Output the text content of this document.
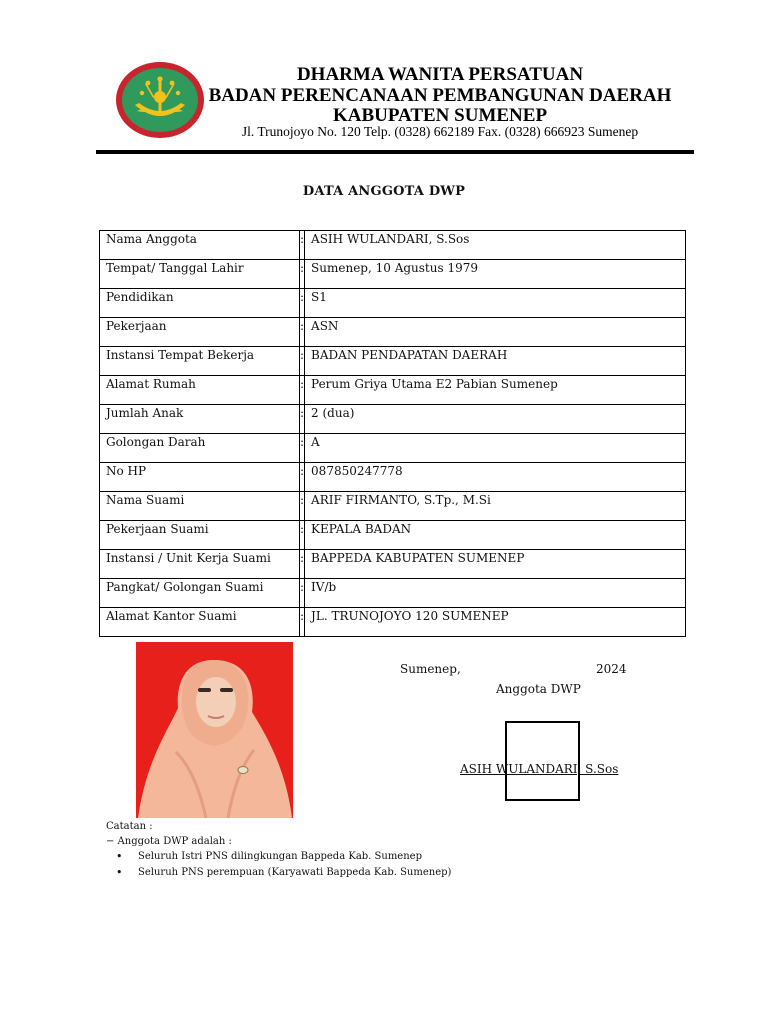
DHARMA WANITA PERSATUAN
BADAN PERENCANAAN PEMBANGUNAN DAERAH
KABUPATEN SUMENEP
Jl. Trunojoyo No. 120 Telp. (0328) 662189 Fax. (0328) 666923 Sumenep
DATA ANGGOTA DWP
Nama Anggota	:	ASIH WULANDARI, S.Sos
Tempat/ Tanggal Lahir	:	Sumenep, 10 Agustus 1979
Pendidikan	:	S1
Pekerjaan	:	ASN
Instansi Tempat Bekerja	:	BADAN PENDAPATAN DAERAH
Alamat Rumah	:	Perum Griya Utama E2 Pabian Sumenep
Jumlah Anak	:	2 (dua)
Golongan Darah	:	A
No HP	:	087850247778
Nama Suami	:	ARIF FIRMANTO, S.Tp., M.Si
Pekerjaan Suami	:	KEPALA BADAN
Instansi / Unit Kerja Suami	:	BAPPEDA KABUPATEN SUMENEP
Pangkat/ Golongan Suami	:	IV/b
Alamat Kantor Suami	:	JL. TRUNOJOYO 120 SUMENEP
Sumenep,	2024
Anggota DWP
ASIH WULANDARI, S.Sos
Catatan :
− Anggota DWP adalah :
• Seluruh Istri PNS dilingkungan Bappeda Kab. Sumenep
• Seluruh PNS perempuan (Karyawati Bappeda Kab. Sumenep)
